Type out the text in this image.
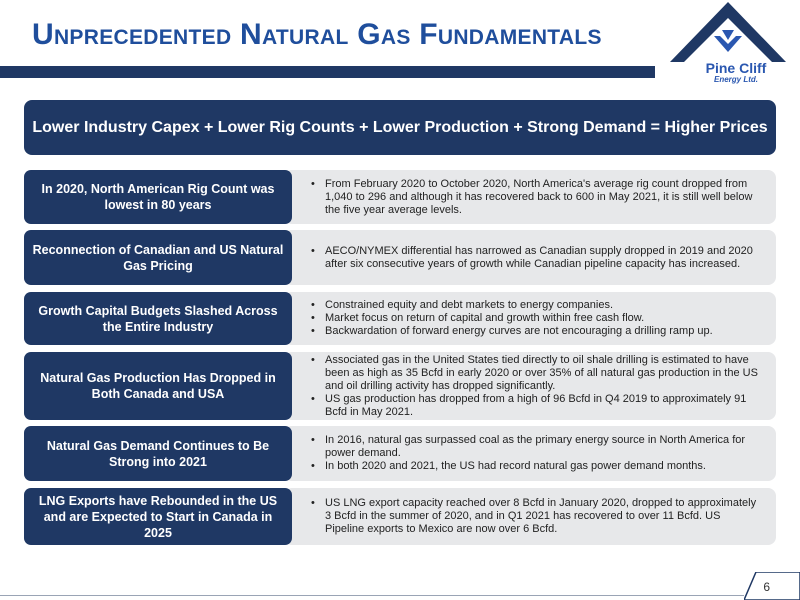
Unprecedented Natural Gas Fundamentals
Pine Cliff
Energy Ltd.
Lower Industry Capex + Lower Rig Counts + Lower Production + Strong Demand = Higher Prices
In 2020, North American Rig Count was lowest in 80 years
• From February 2020 to October 2020, North America's average rig count dropped from 1,040 to 296 and although it has recovered back to 600 in May 2021, it is still well below the five year average levels.
Reconnection of Canadian and US Natural Gas Pricing
• AECO/NYMEX differential has narrowed as Canadian supply dropped in 2019 and 2020 after six consecutive years of growth while Canadian pipeline capacity has increased.
Growth Capital Budgets Slashed Across the Entire Industry
• Constrained equity and debt markets to energy companies.
• Market focus on return of capital and growth within free cash flow.
• Backwardation of forward energy curves are not encouraging a drilling ramp up.
Natural Gas Production Has Dropped in Both Canada and USA
• Associated gas in the United States tied directly to oil shale drilling is estimated to have been as high as 35 Bcfd in early 2020 or over 35% of all natural gas production in the US and oil drilling activity has dropped significantly.
• US gas production has dropped from a high of 96 Bcfd in Q4 2019 to approximately 91 Bcfd in May 2021.
Natural Gas Demand Continues to Be Strong into 2021
• In 2016, natural gas surpassed coal as the primary energy source in North America for power demand.
• In both 2020 and 2021, the US had record natural gas power demand months.
LNG Exports have Rebounded in the US and are Expected to Start in Canada in 2025
• US LNG export capacity reached over 8 Bcfd in January 2020, dropped to approximately 3 Bcfd in the summer of 2020, and in Q1 2021 has recovered to over 11 Bcfd. US Pipeline exports to Mexico are now over 6 Bcfd.
6
